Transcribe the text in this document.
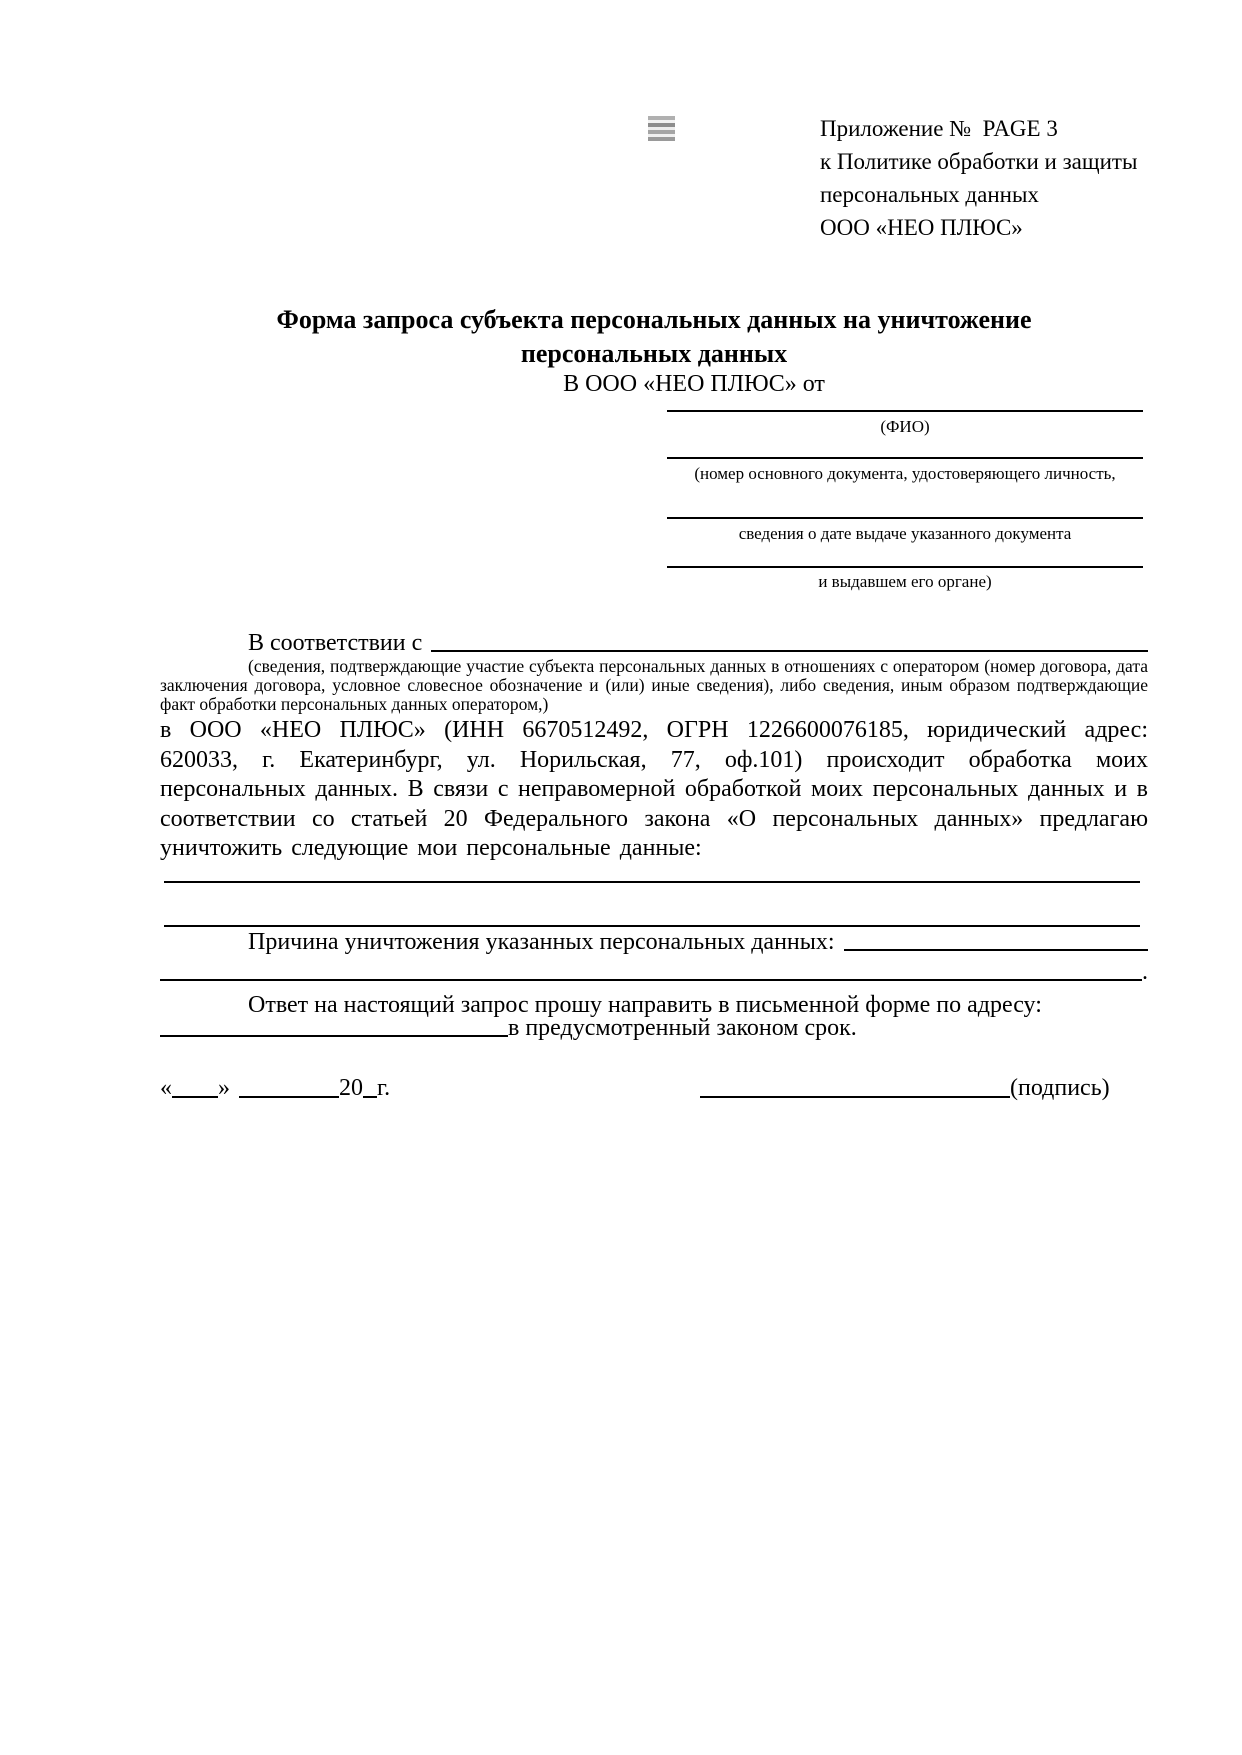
Приложение №  PAGE 3
к Политике обработки и защиты
персональных данных
ООО «НЕО ПЛЮС»
Форма запроса субъекта персональных данных на уничтожение
персональных данных
В ООО «НЕО ПЛЮС» от
(ФИО)
(номер основного документа, удостоверяющего личность,
сведения о дате выдаче указанного документа
и выдавшем его органе)
В соответствии с
(сведения, подтверждающие участие субъекта персональных данных в отношениях с оператором (номер договора, дата заключения договора, условное словесное обозначение и (или) иные сведения), либо сведения, иным образом подтверждающие факт обработки персональных данных оператором,)
в ООО «НЕО ПЛЮС» (ИНН 6670512492, ОГРН 1226600076185, юридический адрес: 620033, г. Екатеринбург, ул. Норильская, 77, оф.101) происходит обработка моих персональных данных. В связи с неправомерной обработкой моих персональных данных и в соответствии со статьей 20 Федерального закона «О персональных данных» предлагаю уничтожить следующие мои персональные данные:
Причина уничтожения указанных персональных данных:
.
Ответ на настоящий запрос прошу направить в письменной форме по адресу:
в предусмотренный законом срок.
« »	20 г.	(подпись)
